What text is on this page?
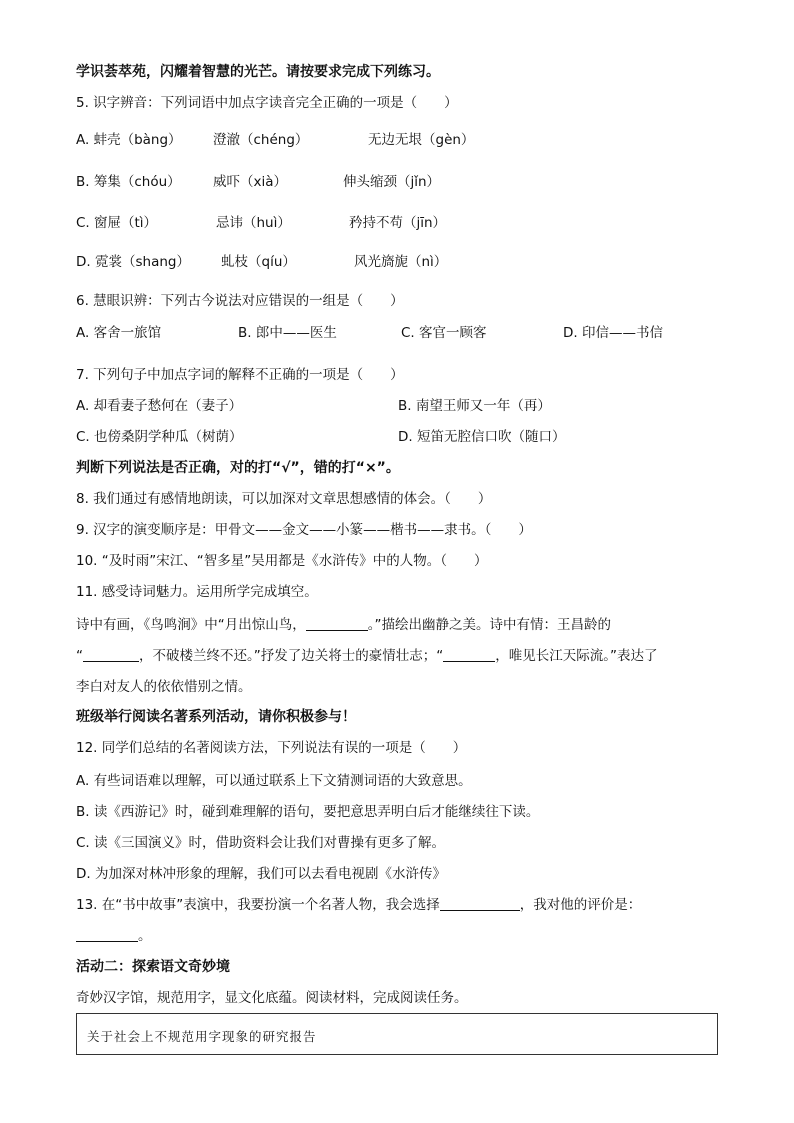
学识荟萃苑，闪耀着智慧的光芒。请按要求完成下列练习。
5. 识字辨音：下列词语中加点字读音完全正确的一项是（　　）
A. 蚌壳（bàng） 澄澈（chéng）	无边无垠（gèn）
B. 筹集（chóu） 威吓（xià）	伸头缩颈（jǐn）
C. 窗屉（tì）	忌讳（huì）	矜持不苟（jīn）
D. 霓裳（shang） 虬枝（qíu）	风光旖旎（nì）
6. 慧眼识辨：下列古今说法对应错误的一组是（　　）
A. 客舍一旅馆	B. 郎中——医生	C. 客官一顾客	D. 印信——书信
7. 下列句子中加点字词的解释不正确的一项是（　　）
A. 却看妻子愁何在（妻子）	B. 南望王师又一年（再）
C. 也傍桑阴学种瓜（树荫）	D. 短笛无腔信口吹（随口）
判断下列说法是否正确，对的打“√”，错的打“×”。
8. 我们通过有感情地朗读，可以加深对文章思想感情的体会。（　　）
9. 汉字的演变顺序是：甲骨文——金文——小篆——楷书——隶书。（　　）
10. “及时雨”宋江、“智多星”吴用都是《水浒传》中的人物。（　　）
11. 感受诗词魅力。运用所学完成填空。
诗中有画，《鸟鸣涧》中“月出惊山鸟，	。”描绘出幽静之美。诗中有情：王昌龄的
“	，不破楼兰终不还。”抒发了边关将士的豪情壮志；“	，唯见长江天际流。”表达了
李白对友人的依依惜别之情。
班级举行阅读名著系列活动，请你积极参与！
12. 同学们总结的名著阅读方法，下列说法有误的一项是（　　）
A. 有些词语难以理解，可以通过联系上下文猜测词语的大致意思。
B. 读《西游记》时，碰到难理解的语句，要把意思弄明白后才能继续往下读。
C. 读《三国演义》时，借助资料会让我们对曹操有更多了解。
D. 为加深对林冲形象的理解，我们可以去看电视剧《水浒传》
13. 在“书中故事”表演中，我要扮演一个名著人物，我会选择	，我对他的评价是：
。
活动二：探索语文奇妙境
奇妙汉字馆，规范用字，显文化底蕴。阅读材料，完成阅读任务。
关于社会上不规范用字现象的研究报告
